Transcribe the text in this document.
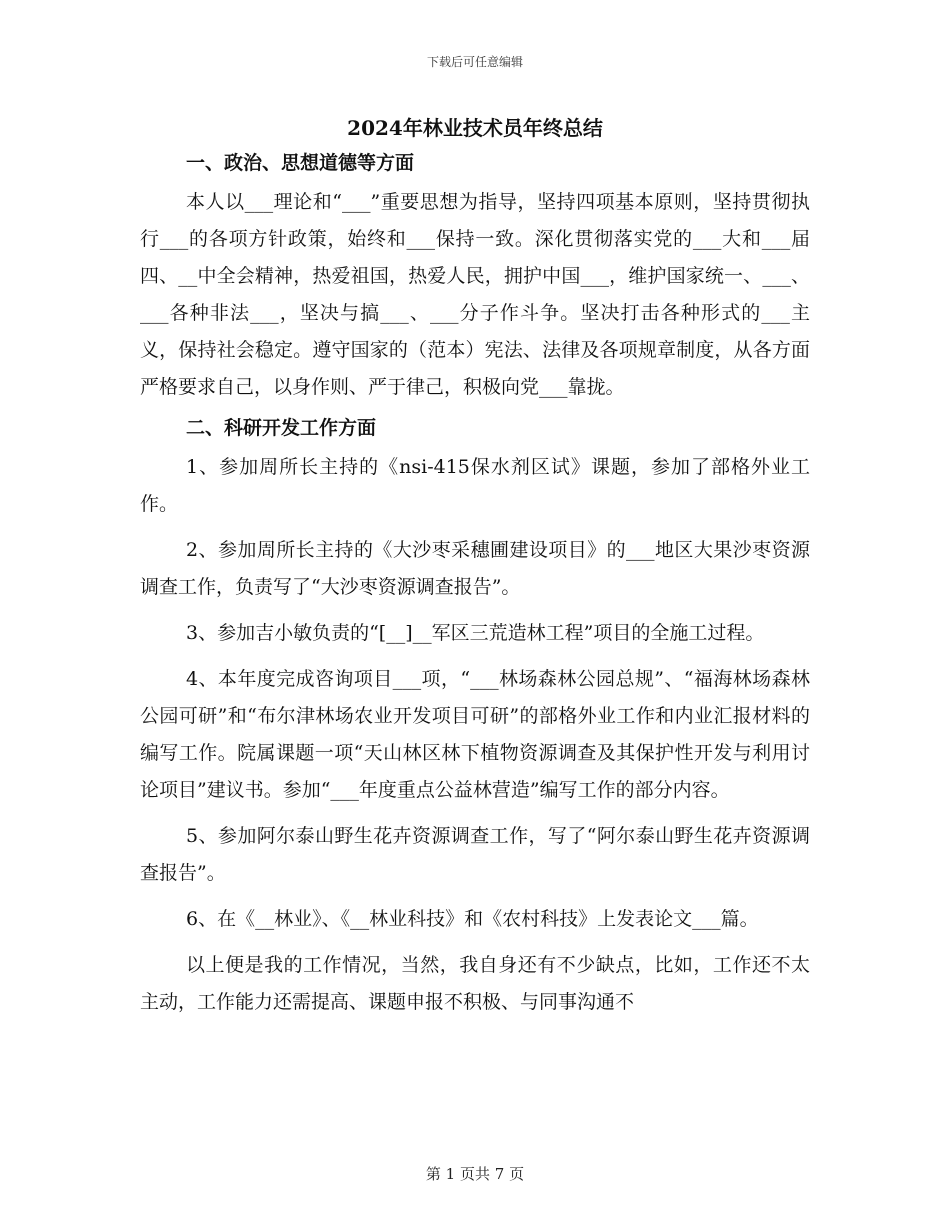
下载后可任意编辑
2024年林业技术员年终总结

一、政治、思想道德等方面

本人以___理论和“___”重要思想为指导，坚持四项基本原则，坚持贯彻执行___的各项方针政策，始终和___保持一致。深化贯彻落实党的___大和___届四、__中全会精神，热爱祖国，热爱人民，拥护中国___，维护国家统一、___、___各种非法___，坚决与搞___、___分子作斗争。坚决打击各种形式的___主义，保持社会稳定。遵守国家的（范本）宪法、法律及各项规章制度，从各方面严格要求自己，以身作则、严于律己，积极向党___靠拢。

二、科研开发工作方面

1、参加周所长主持的《nsi-415保水剂区试》课题，参加了部格外业工作。

2、参加周所长主持的《大沙枣采穗圃建设项目》的___地区大果沙枣资源调查工作，负责写了“大沙枣资源调查报告”。

3、参加吉小敏负责的“[__]__军区三荒造林工程”项目的全施工过程。

4、本年度完成咨询项目___项，“___林场森林公园总规”、“福海林场森林公园可研”和“布尔津林场农业开发项目可研”的部格外业工作和内业汇报材料的编写工作。院属课题一项“天山林区林下植物资源调查及其保护性开发与利用讨论项目”建议书。参加“___年度重点公益林营造”编写工作的部分内容。

5、参加阿尔泰山野生花卉资源调查工作，写了“阿尔泰山野生花卉资源调查报告”。

6、在《__林业》、《__林业科技》和《农村科技》上发表论文___篇。

以上便是我的工作情况，当然，我自身还有不少缺点，比如，工作还不太主动，工作能力还需提高、课题申报不积极、与同事沟通不

第 1 页共 7 页
